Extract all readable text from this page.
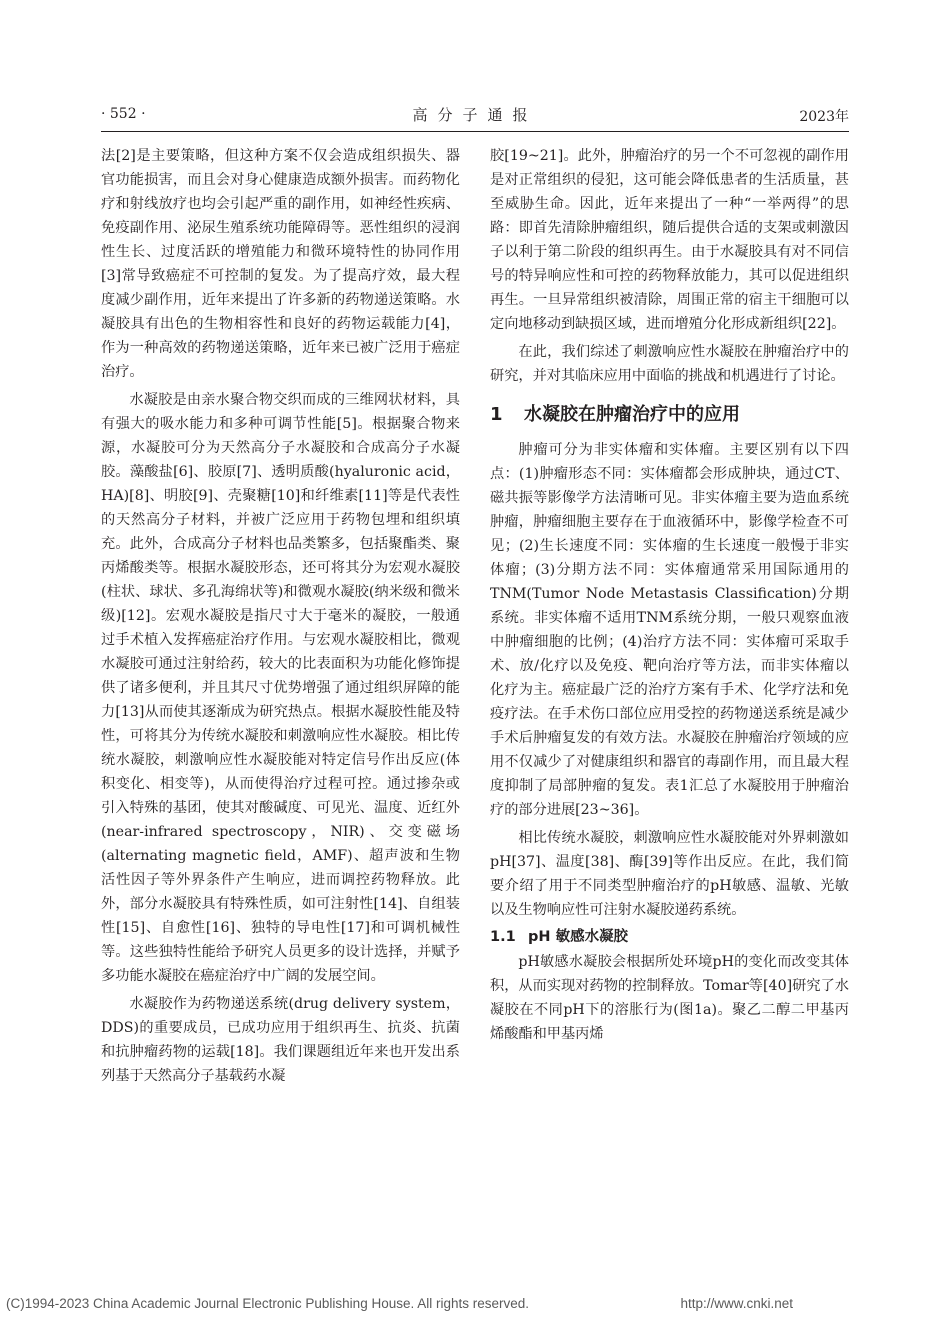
· 552 ·	高分子通报	2023年

法[2]是主要策略，但这种方案不仅会造成组织损失、器官功能损害，而且会对身心健康造成额外损害。而药物化疗和射线放疗也均会引起严重的副作用，如神经性疾病、免疫副作用、泌尿生殖系统功能障碍等。恶性组织的浸润性生长、过度活跃的增殖能力和微环境特性的协同作用[3]常导致癌症不可控制的复发。为了提高疗效，最大程度减少副作用，近年来提出了许多新的药物递送策略。水凝胶具有出色的生物相容性和良好的药物运载能力[4]，作为一种高效的药物递送策略，近年来已被广泛用于癌症治疗。

水凝胶是由亲水聚合物交织而成的三维网状材料，具有强大的吸水能力和多种可调节性能[5]。根据聚合物来源，水凝胶可分为天然高分子水凝胶和合成高分子水凝胶。藻酸盐[6]、胶原[7]、透明质酸(hyaluronic acid，HA)[8]、明胶[9]、壳聚糖[10]和纤维素[11]等是代表性的天然高分子材料，并被广泛应用于药物包埋和组织填充。此外，合成高分子材料也品类繁多，包括聚酯类、聚丙烯酸类等。根据水凝胶形态，还可将其分为宏观水凝胶(柱状、球状、多孔海绵状等)和微观水凝胶(纳米级和微米级)[12]。宏观水凝胶是指尺寸大于毫米的凝胶，一般通过手术植入发挥癌症治疗作用。与宏观水凝胶相比，微观水凝胶可通过注射给药，较大的比表面积为功能化修饰提供了诸多便利，并且其尺寸优势增强了通过组织屏障的能力[13]从而使其逐渐成为研究热点。根据水凝胶性能及特性，可将其分为传统水凝胶和刺激响应性水凝胶。相比传统水凝胶，刺激响应性水凝胶能对特定信号作出反应(体积变化、相变等)，从而使得治疗过程可控。通过掺杂或引入特殊的基团，使其对酸碱度、可见光、温度、近红外(near-infrared spectroscopy，NIR)、交变磁场(alternating magnetic field，AMF)、超声波和生物活性因子等外界条件产生响应，进而调控药物释放。此外，部分水凝胶具有特殊性质，如可注射性[14]、自组装性[15]、自愈性[16]、独特的导电性[17]和可调机械性等。这些独特性能给予研究人员更多的设计选择，并赋予多功能水凝胶在癌症治疗中广阔的发展空间。

水凝胶作为药物递送系统(drug delivery system，DDS)的重要成员，已成功应用于组织再生、抗炎、抗菌和抗肿瘤药物的运载[18]。我们课题组近年来也开发出系列基于天然高分子基载药水凝

胶[19~21]。此外，肿瘤治疗的另一个不可忽视的副作用是对正常组织的侵犯，这可能会降低患者的生活质量，甚至威胁生命。因此，近年来提出了一种“一举两得”的思路：即首先清除肿瘤组织，随后提供合适的支架或刺激因子以利于第二阶段的组织再生。由于水凝胶具有对不同信号的特异响应性和可控的药物释放能力，其可以促进组织再生。一旦异常组织被清除，周围正常的宿主干细胞可以定向地移动到缺损区域，进而增殖分化形成新组织[22]。

在此，我们综述了刺激响应性水凝胶在肿瘤治疗中的研究，并对其临床应用中面临的挑战和机遇进行了讨论。

1 水凝胶在肿瘤治疗中的应用

肿瘤可分为非实体瘤和实体瘤。主要区别有以下四点：(1)肿瘤形态不同：实体瘤都会形成肿块，通过CT、磁共振等影像学方法清晰可见。非实体瘤主要为造血系统肿瘤，肿瘤细胞主要存在于血液循环中，影像学检查不可见；(2)生长速度不同：实体瘤的生长速度一般慢于非实体瘤；(3)分期方法不同：实体瘤通常采用国际通用的TNM(Tumor Node Metastasis Classification)分期系统。非实体瘤不适用TNM系统分期，一般只观察血液中肿瘤细胞的比例；(4)治疗方法不同：实体瘤可采取手术、放/化疗以及免疫、靶向治疗等方法，而非实体瘤以化疗为主。癌症最广泛的治疗方案有手术、化学疗法和免疫疗法。在手术伤口部位应用受控的药物递送系统是减少手术后肿瘤复发的有效方法。水凝胶在肿瘤治疗领域的应用不仅减少了对健康组织和器官的毒副作用，而且最大程度抑制了局部肿瘤的复发。表1汇总了水凝胶用于肿瘤治疗的部分进展[23~36]。

相比传统水凝胶，刺激响应性水凝胶能对外界刺激如pH[37]、温度[38]、酶[39]等作出反应。在此，我们简要介绍了用于不同类型肿瘤治疗的pH敏感、温敏、光敏以及生物响应性可注射水凝胶递药系统。

1.1 pH 敏感水凝胶

pH敏感水凝胶会根据所处环境pH的变化而改变其体积，从而实现对药物的控制释放。Tomar等[40]研究了水凝胶在不同pH下的溶胀行为(图1a)。聚乙二醇二甲基丙烯酸酯和甲基丙烯

(C)1994-2023 China Academic Journal Electronic Publishing House. All rights reserved.	http://www.cnki.net
